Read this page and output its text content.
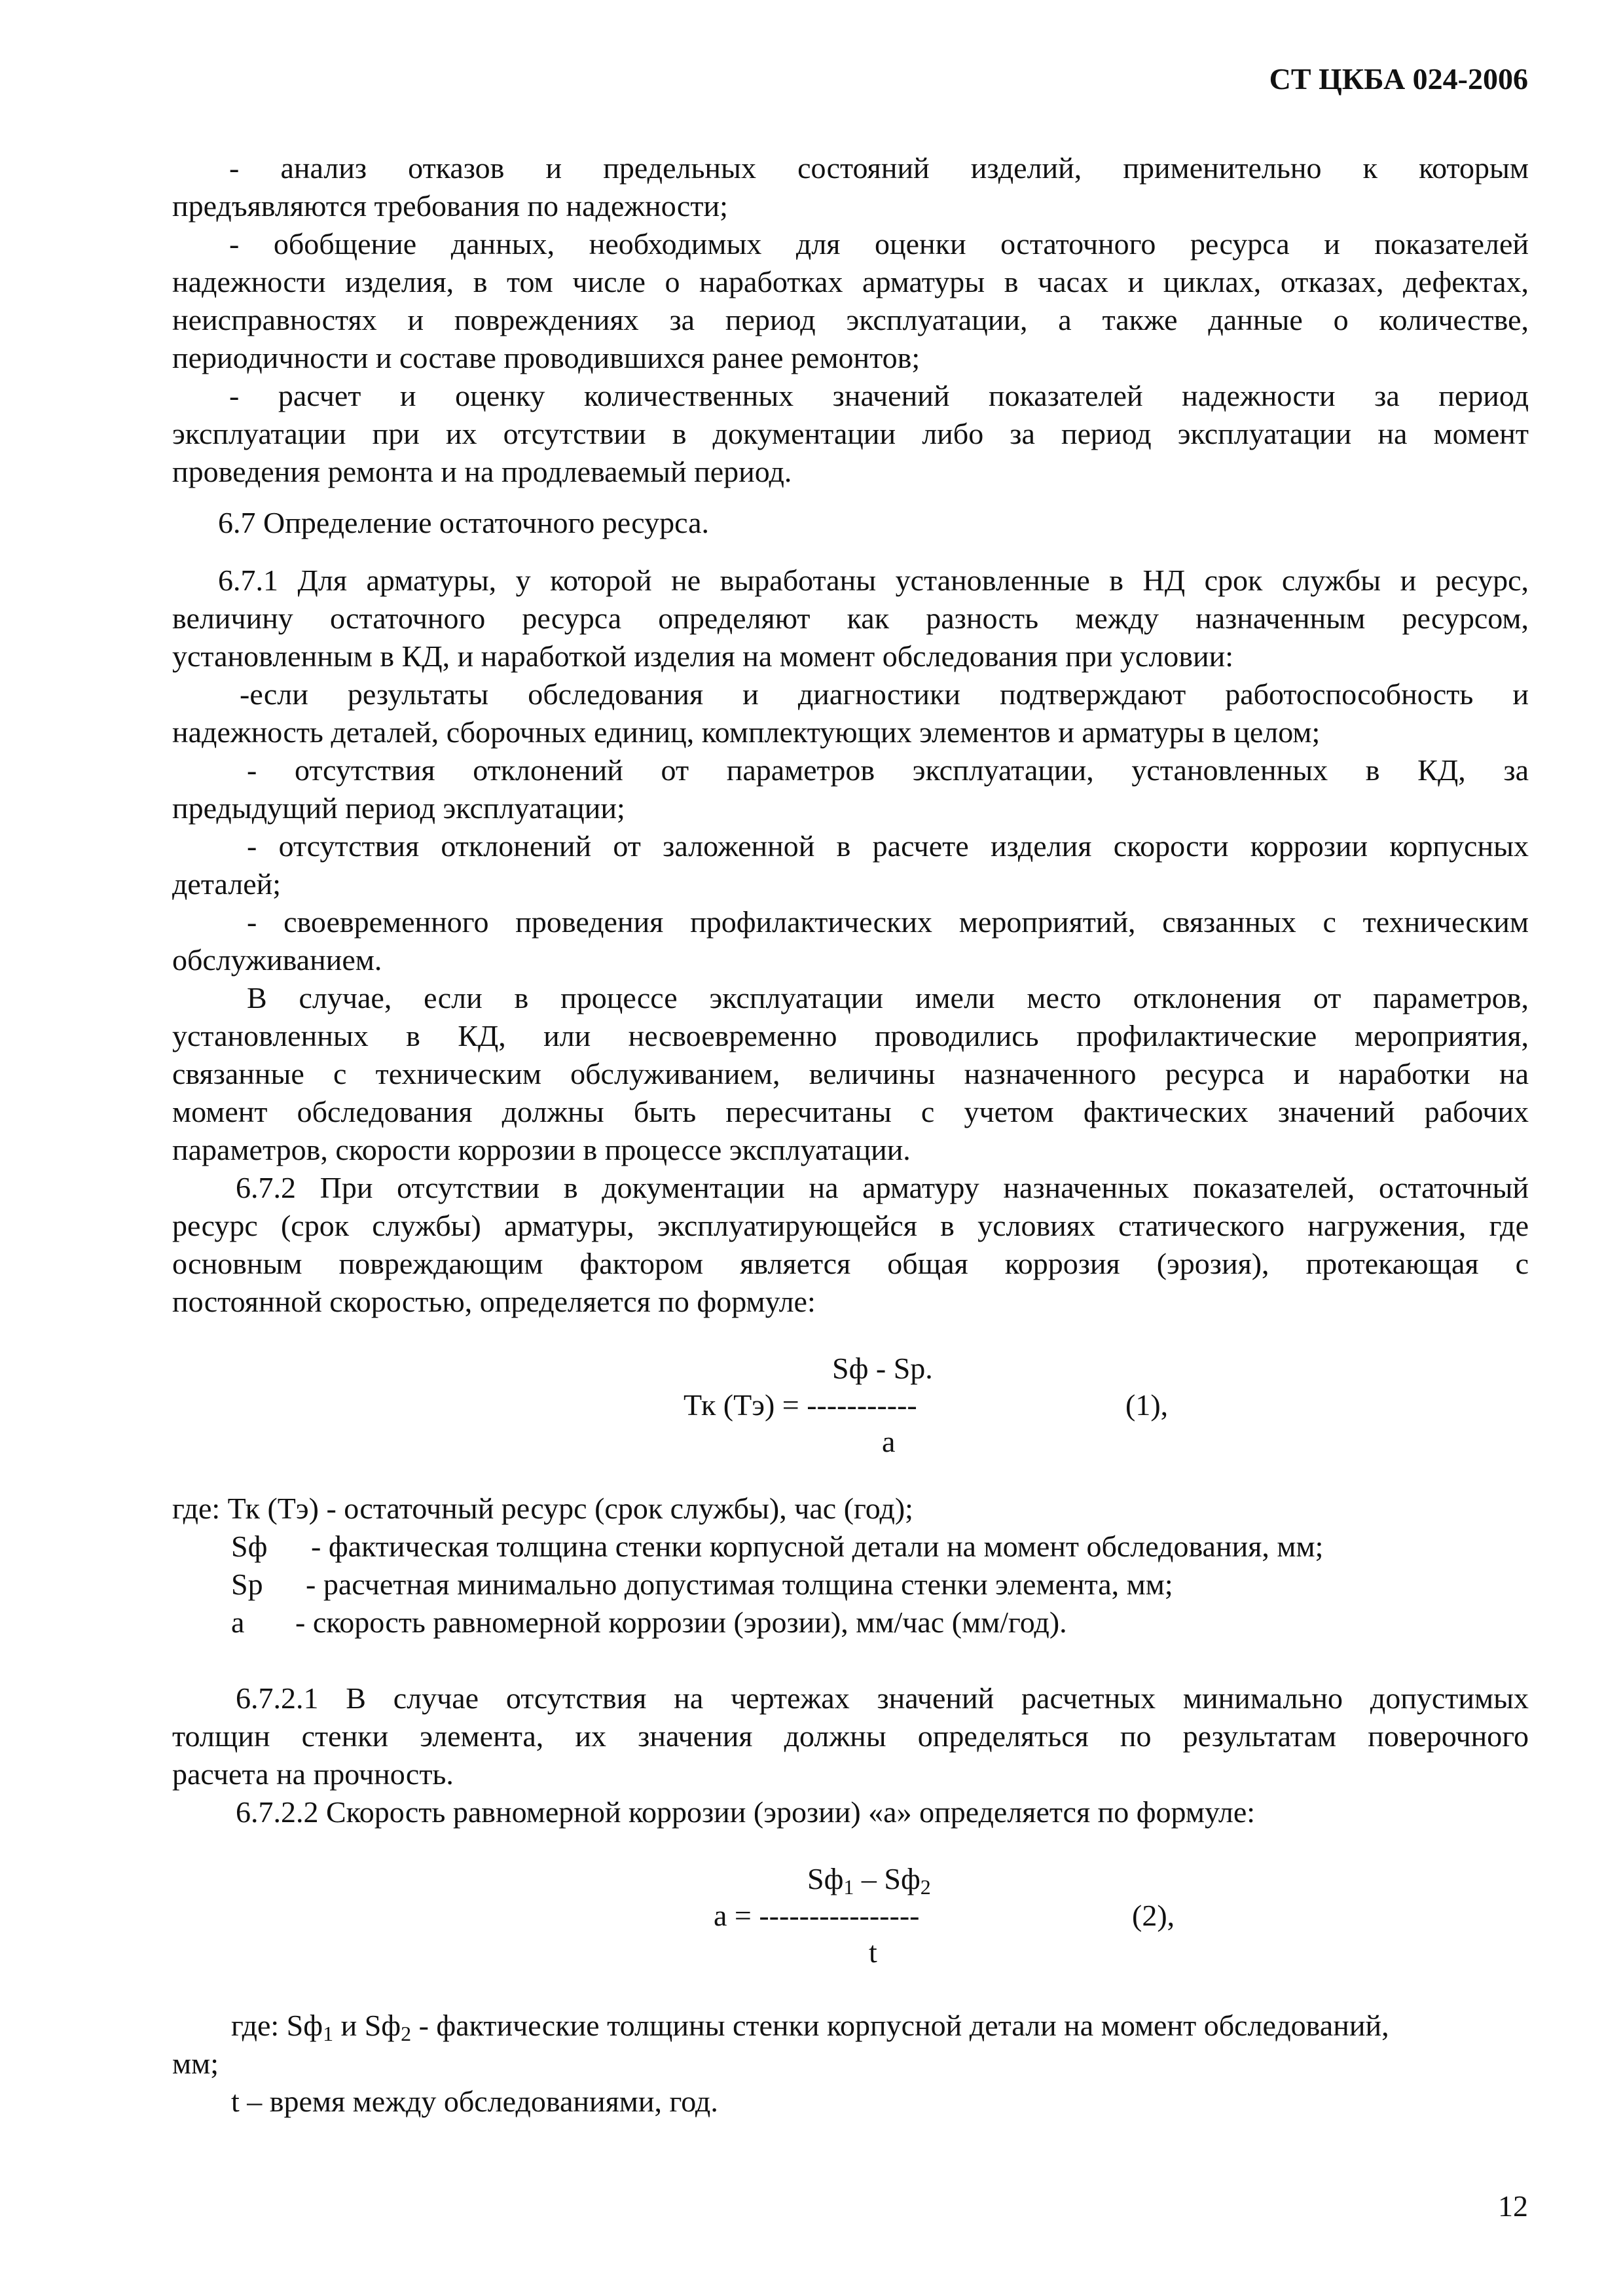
СТ ЦКБА 024-2006
- анализ отказов и предельных состояний изделий, применительно к которым
предъявляются требования по надежности;
- обобщение данных, необходимых для оценки остаточного ресурса и показателей
надежности изделия, в том числе о наработках арматуры в часах и циклах, отказах, дефектах,
неисправностях и повреждениях за период эксплуатации, а также данные о количестве,
периодичности и составе проводившихся ранее ремонтов;
- расчет и оценку количественных значений показателей надежности за период
эксплуатации при их отсутствии в документации либо за период эксплуатации на момент
проведения ремонта и на продлеваемый период.
6.7 Определение остаточного ресурса.
6.7.1 Для арматуры, у которой не выработаны установленные в НД срок службы и ресурс,
величину остаточного ресурса определяют как разность между назначенным ресурсом,
установленным в КД, и наработкой изделия на момент обследования при условии:
-если результаты обследования и диагностики подтверждают работоспособность и
надежность деталей, сборочных единиц, комплектующих элементов и арматуры в целом;
- отсутствия отклонений от параметров эксплуатации, установленных в КД, за
предыдущий период эксплуатации;
- отсутствия отклонений от заложенной в расчете изделия скорости коррозии корпусных
деталей;
- своевременного проведения профилактических мероприятий, связанных с техническим
обслуживанием.
В случае, если в процессе эксплуатации имели место отклонения от параметров,
установленных в КД, или несвоевременно проводились профилактические мероприятия,
связанные с техническим обслуживанием, величины назначенного ресурса и наработки на
момент обследования должны быть пересчитаны с учетом фактических значений рабочих
параметров, скорости коррозии в процессе эксплуатации.
6.7.2 При отсутствии в документации на арматуру назначенных показателей, остаточный
ресурс (срок службы) арматуры, эксплуатирующейся в условиях статического нагружения, где
основным повреждающим фактором является общая коррозия (эрозия), протекающая с
постоянной скоростью, определяется по формуле:
Sф - Sр.
Тк (Тэ) = -----------
а
(1),
где: Тк (Тэ) - остаточный ресурс (срок службы), час (год);
Sф - фактическая толщина стенки корпусной детали на момент обследования, мм;
Sр - расчетная минимально допустимая толщина стенки элемента, мм;
а - скорость равномерной коррозии (эрозии), мм/час (мм/год).
6.7.2.1 В случае отсутствия на чертежах значений расчетных минимально допустимых
толщин стенки элемента, их значения должны определяться по результатам поверочного
расчета на прочность.
6.7.2.2 Скорость равномерной коррозии (эрозии) «а» определяется по формуле:
$Sф_1 - Sф_2$
а = ----------------
t
(2),
где: $Sф_1$ и $Sф_2$ - фактические толщины стенки корпусной детали на момент обследований,
мм;
t – время между обследованиями, год.
12
